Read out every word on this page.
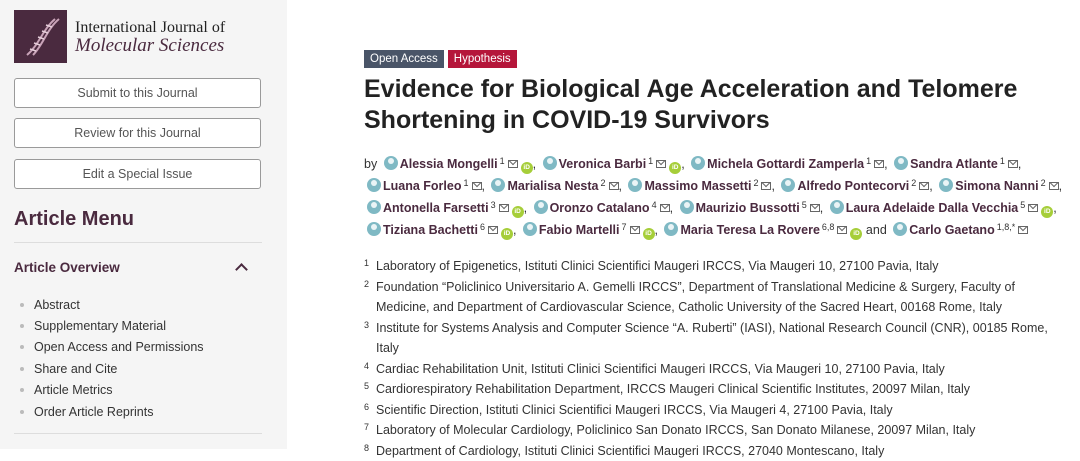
International Journal of
Molecular Sciences
Submit to this Journal
Review for this Journal
Edit a Special Issue
Article Menu
Article Overview
Abstract
Supplementary Material
Open Access and Permissions
Share and Cite
Article Metrics
Order Article Reprints
Open Access	Hypothesis
Evidence for Biological Age Acceleration and Telomere Shortening in COVID-19 Survivors
by Alessia Mongelli $^1$iD , Veronica Barbi $^1$iD , Michela Gottardi Zamperla $^1$ , Sandra Atlante $^1$ , Luana Forleo $^1$ , Marialisa Nesta $^2$ , Massimo Massetti $^2$ , Alfredo Pontecorvi $^2$ , Simona Nanni $^2$ , Antonella Farsetti $^3$iD , Oronzo Catalano $^4$ , Maurizio Bussotti $^5$ , Laura Adelaide Dalla Vecchia $^5$iD , Tiziana Bachetti $^6$iD , Fabio Martelli $^7$iD , Maria Teresa La Rovere $^{6,8}$iD and Carlo Gaetano $^{1,8,*}$
1 Laboratory of Epigenetics, Istituti Clinici Scientifici Maugeri IRCCS, Via Maugeri 10, 27100 Pavia, Italy
2 Foundation “Policlinico Universitario A. Gemelli IRCCS”, Department of Translational Medicine & Surgery, Faculty of Medicine, and Department of Cardiovascular Science, Catholic University of the Sacred Heart, 00168 Rome, Italy
3 Institute for Systems Analysis and Computer Science “A. Ruberti” (IASI), National Research Council (CNR), 00185 Rome, Italy
4 Cardiac Rehabilitation Unit, Istituti Clinici Scientifici Maugeri IRCCS, Via Maugeri 10, 27100 Pavia, Italy
5 Cardiorespiratory Rehabilitation Department, IRCCS Maugeri Clinical Scientific Institutes, 20097 Milan, Italy
6 Scientific Direction, Istituti Clinici Scientifici Maugeri IRCCS, Via Maugeri 4, 27100 Pavia, Italy
7 Laboratory of Molecular Cardiology, Policlinico San Donato IRCCS, San Donato Milanese, 20097 Milan, Italy
8 Department of Cardiology, Istituti Clinici Scientifici Maugeri IRCCS, 27040 Montescano, Italy
